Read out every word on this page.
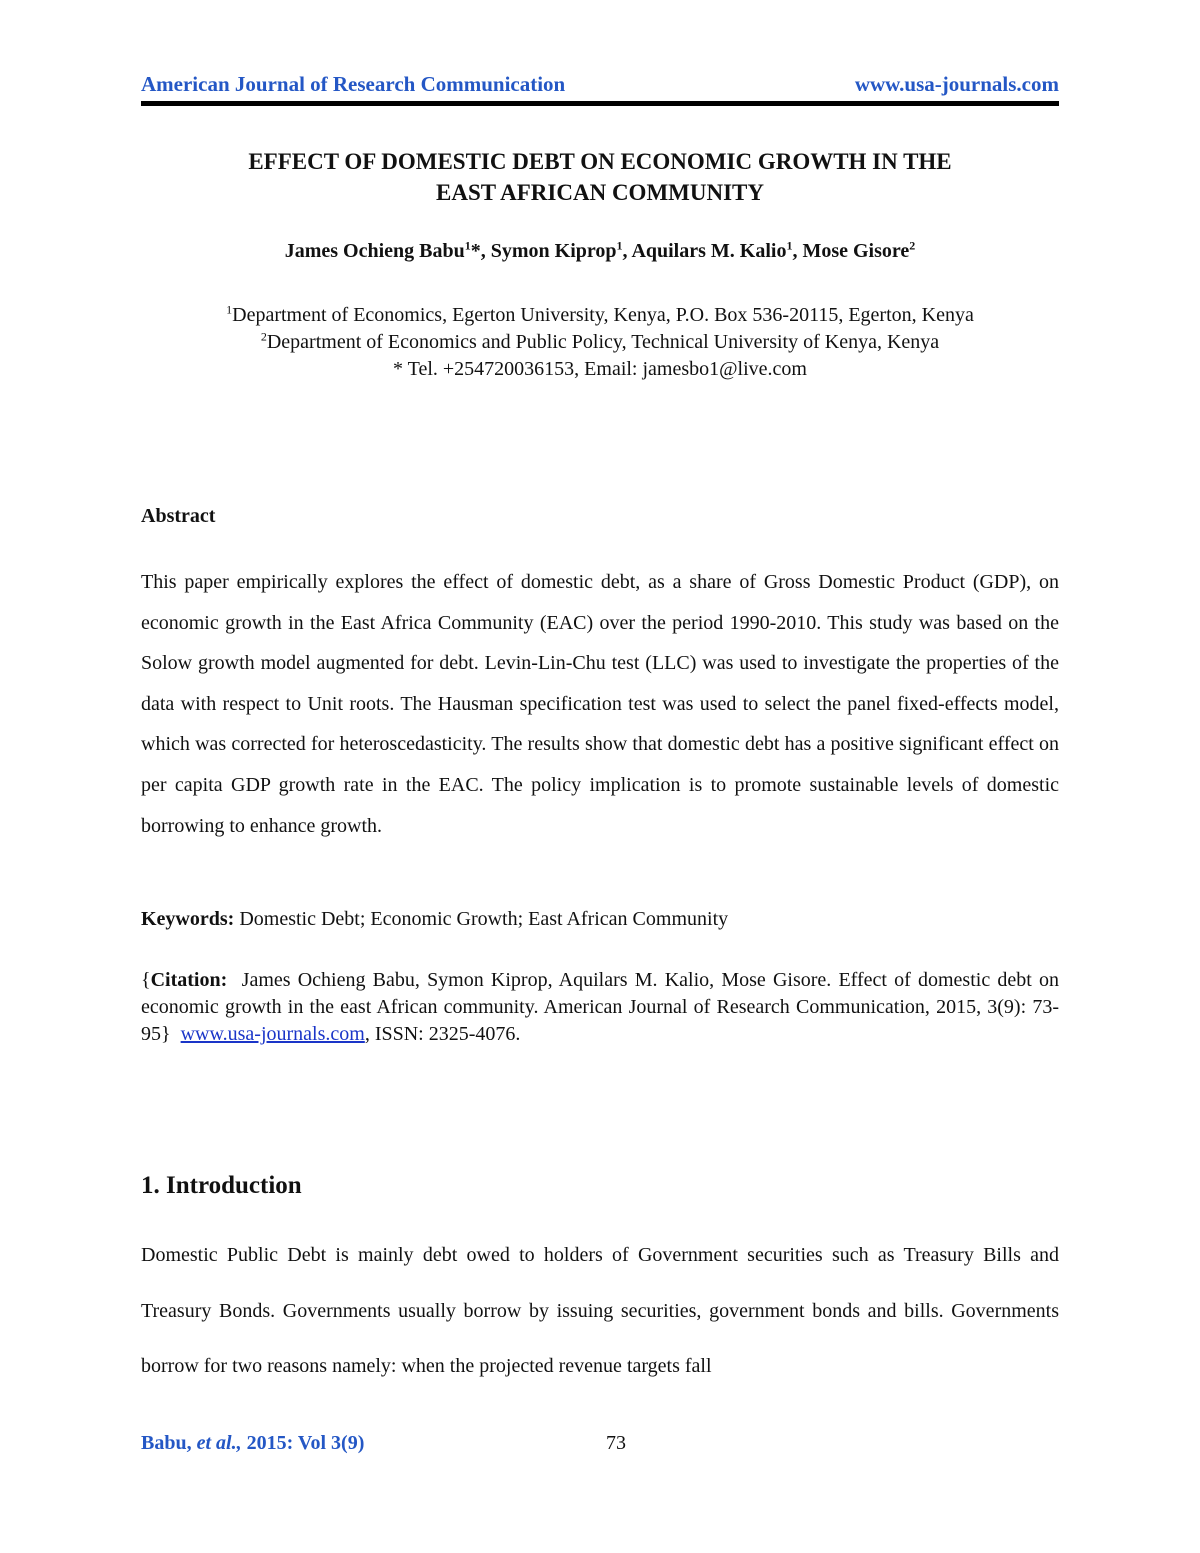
American Journal of Research Communication	www.usa-journals.com
EFFECT OF DOMESTIC DEBT ON ECONOMIC GROWTH IN THE
EAST AFRICAN COMMUNITY
James Ochieng Babu$^1$*, Symon Kiprop$^1$, Aquilars M. Kalio$^1$, Mose Gisore$^2$
$^1$Department of Economics, Egerton University, Kenya, P.O. Box 536-20115, Egerton, Kenya
$^2$Department of Economics and Public Policy, Technical University of Kenya, Kenya
* Tel. +254720036153, Email: jamesbo1@live.com
Abstract

This paper empirically explores the effect of domestic debt, as a share of Gross Domestic Product (GDP), on economic growth in the East Africa Community (EAC) over the period 1990-2010. This study was based on the Solow growth model augmented for debt. Levin-Lin-Chu test (LLC) was used to investigate the properties of the data with respect to Unit roots. The Hausman specification test was used to select the panel fixed-effects model, which was corrected for heteroscedasticity. The results show that domestic debt has a positive significant effect on per capita GDP growth rate in the EAC. The policy implication is to promote sustainable levels of domestic borrowing to enhance growth.

Keywords: Domestic Debt; Economic Growth; East African Community

{Citation: James Ochieng Babu, Symon Kiprop, Aquilars M. Kalio, Mose Gisore. Effect of domestic debt on economic growth in the east African community. American Journal of Research Communication, 2015, 3(9): 73-95} www.usa-journals.com, ISSN: 2325-4076.

1. Introduction

Domestic Public Debt is mainly debt owed to holders of Government securities such as Treasury Bills and Treasury Bonds. Governments usually borrow by issuing securities, government bonds and bills. Governments borrow for two reasons namely: when the projected revenue targets fall

Babu, et al., 2015: Vol 3(9)	73
